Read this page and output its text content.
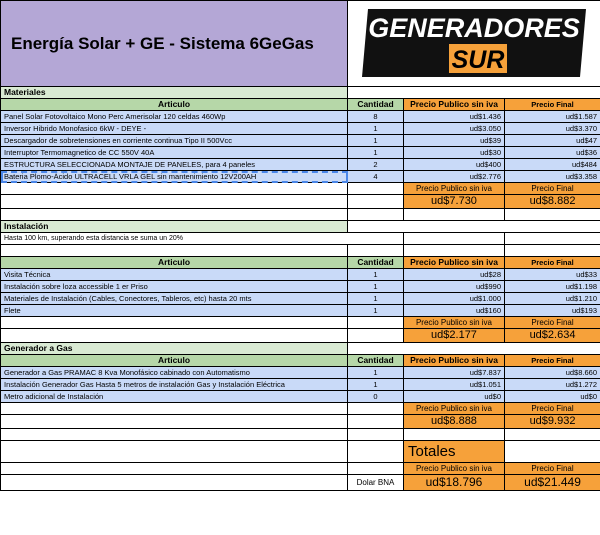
Energía Solar + GE - Sistema 6GeGas	GENERADORES
SUR		

Materiales			
Articulo	Cantidad	Precio Publico sin iva	Precio Final
Panel Solar Fotovoltaico Mono Perc Amerisolar 120 celdas 460Wp	8	ud$1.436	ud$1.587
Inversor Hibrido Monofasico 6kW - DEYE -	1	ud$3.050	ud$3.370
Descargador de sobretensiones en corriente continua Tipo II 500Vcc	1	ud$39	ud$47
Interruptor Termomagnetico de CC 550V 40A	1	ud$30	ud$36
ESTRUCTURA SELECCIONADA MONTAJE DE PANELES, para 4 paneles	2	ud$400	ud$484
Bateria Plomo-Ácido ULTRACELL VRLA GEL sin mantenimiento 12V200AH	4	ud$2.776	ud$3.358
		Precio Publico sin iva	Precio Final
		ud$7.730	ud$8.882

Instalación			
Hasta 100 km, superando esta distancia se suma un 20%			

Articulo	Cantidad	Precio Publico sin iva	Precio Final
Visita Técnica	1	ud$28	ud$33
Instalación sobre loza accessible 1 er Priso	1	ud$990	ud$1.198
Materiales de Instalación (Cables, Conectores, Tableros, etc) hasta 20 mts	1	ud$1.000	ud$1.210
Flete	1	ud$160	ud$193
		Precio Publico sin iva	Precio Final
		ud$2.177	ud$2.634
Generador a Gas			
Articulo	Cantidad	Precio Publico sin iva	Precio Final
Generador a Gas PRAMAC 8 Kva Monofásico cabinado con Automatismo	1	ud$7.837	ud$8.660
Instalación Generador Gas Hasta 5 metros de instalación Gas y Instalación Eléctrica	1	ud$1.051	ud$1.272
Metro adicional de Instalación	0	ud$0	ud$0
		Precio Publico sin iva	Precio Final
		ud$8.888	ud$9.932

		Totales	
		Precio Publico sin iva	Precio Final
	Dolar BNA	ud$18.796	ud$21.449
